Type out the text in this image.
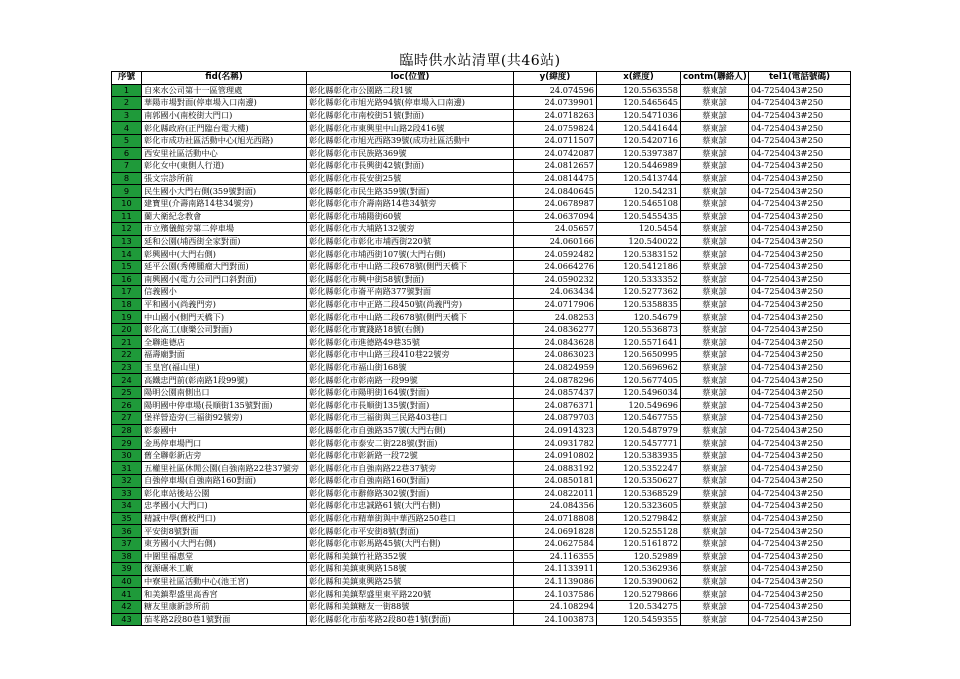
臨時供水站清單(共46站)
序號	fid(名稱)	loc(位置)	y(緯度)	x(經度)	contm(聯絡人)	tel1(電話號碼)
1	自來水公司第十一區管理處	彰化縣彰化市公園路二段1號	24.074596	120.5563558	蔡東諺	04-7254043#250
2	華陽市場對面(停車場入口南邊)	彰化縣彰化市旭光路94號(停車場入口南邊)	24.0739901	120.5465645	蔡東諺	04-7254043#250
3	南郭國小(南校街大門口)	彰化縣彰化市南校街51號(對面)	24.0718263	120.5471036	蔡東諺	04-7254043#250
4	彰化縣政府(正門臨台電大樓)	彰化縣彰化市東興里中山路2段416號	24.0759824	120.5441644	蔡東諺	04-7254043#250
5	彰化市成功社區活動中心(旭光西路)	彰化縣彰化市旭光西路39號(成功社區活動中	24.0711507	120.5420716	蔡東諺	04-7254043#250
6	西安里社區活動中心	彰化縣彰化市民族路369號	24.0742087	120.5397387	蔡東諺	04-7254043#250
7	彰化女中(東側人行道)	彰化縣彰化市長興街42號(對面)	24.0812657	120.5446989	蔡東諺	04-7254043#250
8	張文宗診所前	彰化縣彰化市長安街25號	24.0814475	120.5413744	蔡東諺	04-7254043#250
9	民生國小大門右側(359號對面)	彰化縣彰化市民生路359號(對面)	24.0840645	120.54231	蔡東諺	04-7254043#250
10	建寶里(介壽南路14巷34號旁)	彰化縣彰化市介壽南路14巷34號旁	24.0678987	120.5465108	蔡東諺	04-7254043#250
11	蘭大衛紀念教會	彰化縣彰化市埔陽街60號	24.0637094	120.5455435	蔡東諺	04-7254043#250
12	市立殯儀館旁第二停車場	彰化縣彰化市大埔路132號旁	24.05657	120.5454	蔡東諺	04-7254043#250
13	延和公園(埔西街全家對面)	彰化縣彰化市彰化市埔西街220號	24.060166	120.540022	蔡東諺	04-7254043#250
14	彰興國中(大門右側)	彰化縣彰化市埔西街107號(大門右側)	24.0592482	120.5383152	蔡東諺	04-7254043#250
15	延平公園(秀傳腫瘤大門對面)	彰化縣彰化市中山路二段678號(側門天橋下	24.0664276	120.5412186	蔡東諺	04-7254043#250
16	南興國小(電力公司門口斜對面)	彰化縣彰化市興中街58號(對面)	24.0590232	120.5333352	蔡東諺	04-7254043#250
17	信義國小	彰化縣彰化市崙平南路377號對面	24.063434	120.5277362	蔡東諺	04-7254043#250
18	平和國小(尚義門旁)	彰化縣彰化市中正路二段450號(尚義門旁)	24.0717906	120.5358835	蔡東諺	04-7254043#250
19	中山國小(側門天橋下)	彰化縣彰化市中山路二段678號(側門天橋下	24.08253	120.54679	蔡東諺	04-7254043#250
20	彰化高工(康樂公司對面)	彰化縣彰化市實踐路18號(右側)	24.0836277	120.5536873	蔡東諺	04-7254043#250
21	全聯進德店	彰化縣彰化市進德路49巷35號	24.0843628	120.5571641	蔡東諺	04-7254043#250
22	福壽廟對面	彰化縣彰化市中山路三段410巷22號旁	24.0863023	120.5650995	蔡東諺	04-7254043#250
23	玉皇宮(福山里)	彰化縣彰化市福山街168號	24.0824959	120.5696962	蔡東諺	04-7254043#250
24	高鐵忠門前(彰南路1段99號)	彰化縣彰化市彰南路一段99號	24.0878296	120.5677405	蔡東諺	04-7254043#250
25	陽明公園南側出口	彰化縣彰化市陽明街164號(對面)	24.0857437	120.5496034	蔡東諺	04-7254043#250
26	陽明國中停車場(長順街135號對面)	彰化縣彰化市長順街135號(對面)	24.0876371	120.549696	蔡東諺	04-7254043#250
27	堡祥營造旁(三福街92號旁)	彰化縣彰化市三福街與三民路403巷口	24.0879703	120.5467755	蔡東諺	04-7254043#250
28	彰泰國中	彰化縣彰化市自強路357號(大門右側)	24.0914323	120.5487979	蔡東諺	04-7254043#250
29	金馬停車場門口	彰化縣彰化市泰安二街228號(對面)	24.0931782	120.5457771	蔡東諺	04-7254043#250
30	舊全聯彰新店旁	彰化縣彰化市彰新路一段72號	24.0910802	120.5383935	蔡東諺	04-7254043#250
31	五權里社區休閒公園(自強南路22巷37號旁	彰化縣彰化市自強南路22巷37號旁	24.0883192	120.5352247	蔡東諺	04-7254043#250
32	自強停車場(自強南路160對面)	彰化縣彰化市自強南路160(對面)	24.0850181	120.5350627	蔡東諺	04-7254043#250
33	彰化車站後站公園	彰化縣彰化市辭修路302號(對面)	24.0822011	120.5368529	蔡東諺	04-7254043#250
34	忠孝國小(大門口)	彰化縣彰化市忠誠路61號(大門右側)	24.084356	120.5323605	蔡東諺	04-7254043#250
35	精誠中學(舊校門口)	彰化縣彰化市精華街與中華西路250巷口	24.0718808	120.5279842	蔡東諺	04-7254043#250
36	平安街8號對面	彰化縣彰化市平安街8號(對面)	24.0691828	120.5255128	蔡東諺	04-7254043#250
37	東芳國小(大門右側)	彰化縣彰化市彰馬路45號(大門右側)	24.0627584	120.5161872	蔡東諺	04-7254043#250
38	中圍里福惠堂	彰化縣和美鎮竹社路352號	24.116355	120.52989	蔡東諺	04-7254043#250
39	復源碾米工廠	彰化縣和美鎮東興路158號	24.1133911	120.5362936	蔡東諺	04-7254043#250
40	中寮里社區活動中心(池王宮)	彰化縣和美鎮東興路25號	24.1139086	120.5390062	蔡東諺	04-7254043#250
41	和美鎮犁盛里高香宮	彰化縣和美鎮犁盛里東平路220號	24.1037586	120.5279866	蔡東諺	04-7254043#250
42	糖友里康新診所前	彰化縣和美鎮糖友一街88號	24.108294	120.534275	蔡東諺	04-7254043#250
43	茄苳路2段80巷1號對面	彰化縣彰化市茄苳路2段80巷1號(對面)	24.1003873	120.5459355	蔡東諺	04-7254043#250
